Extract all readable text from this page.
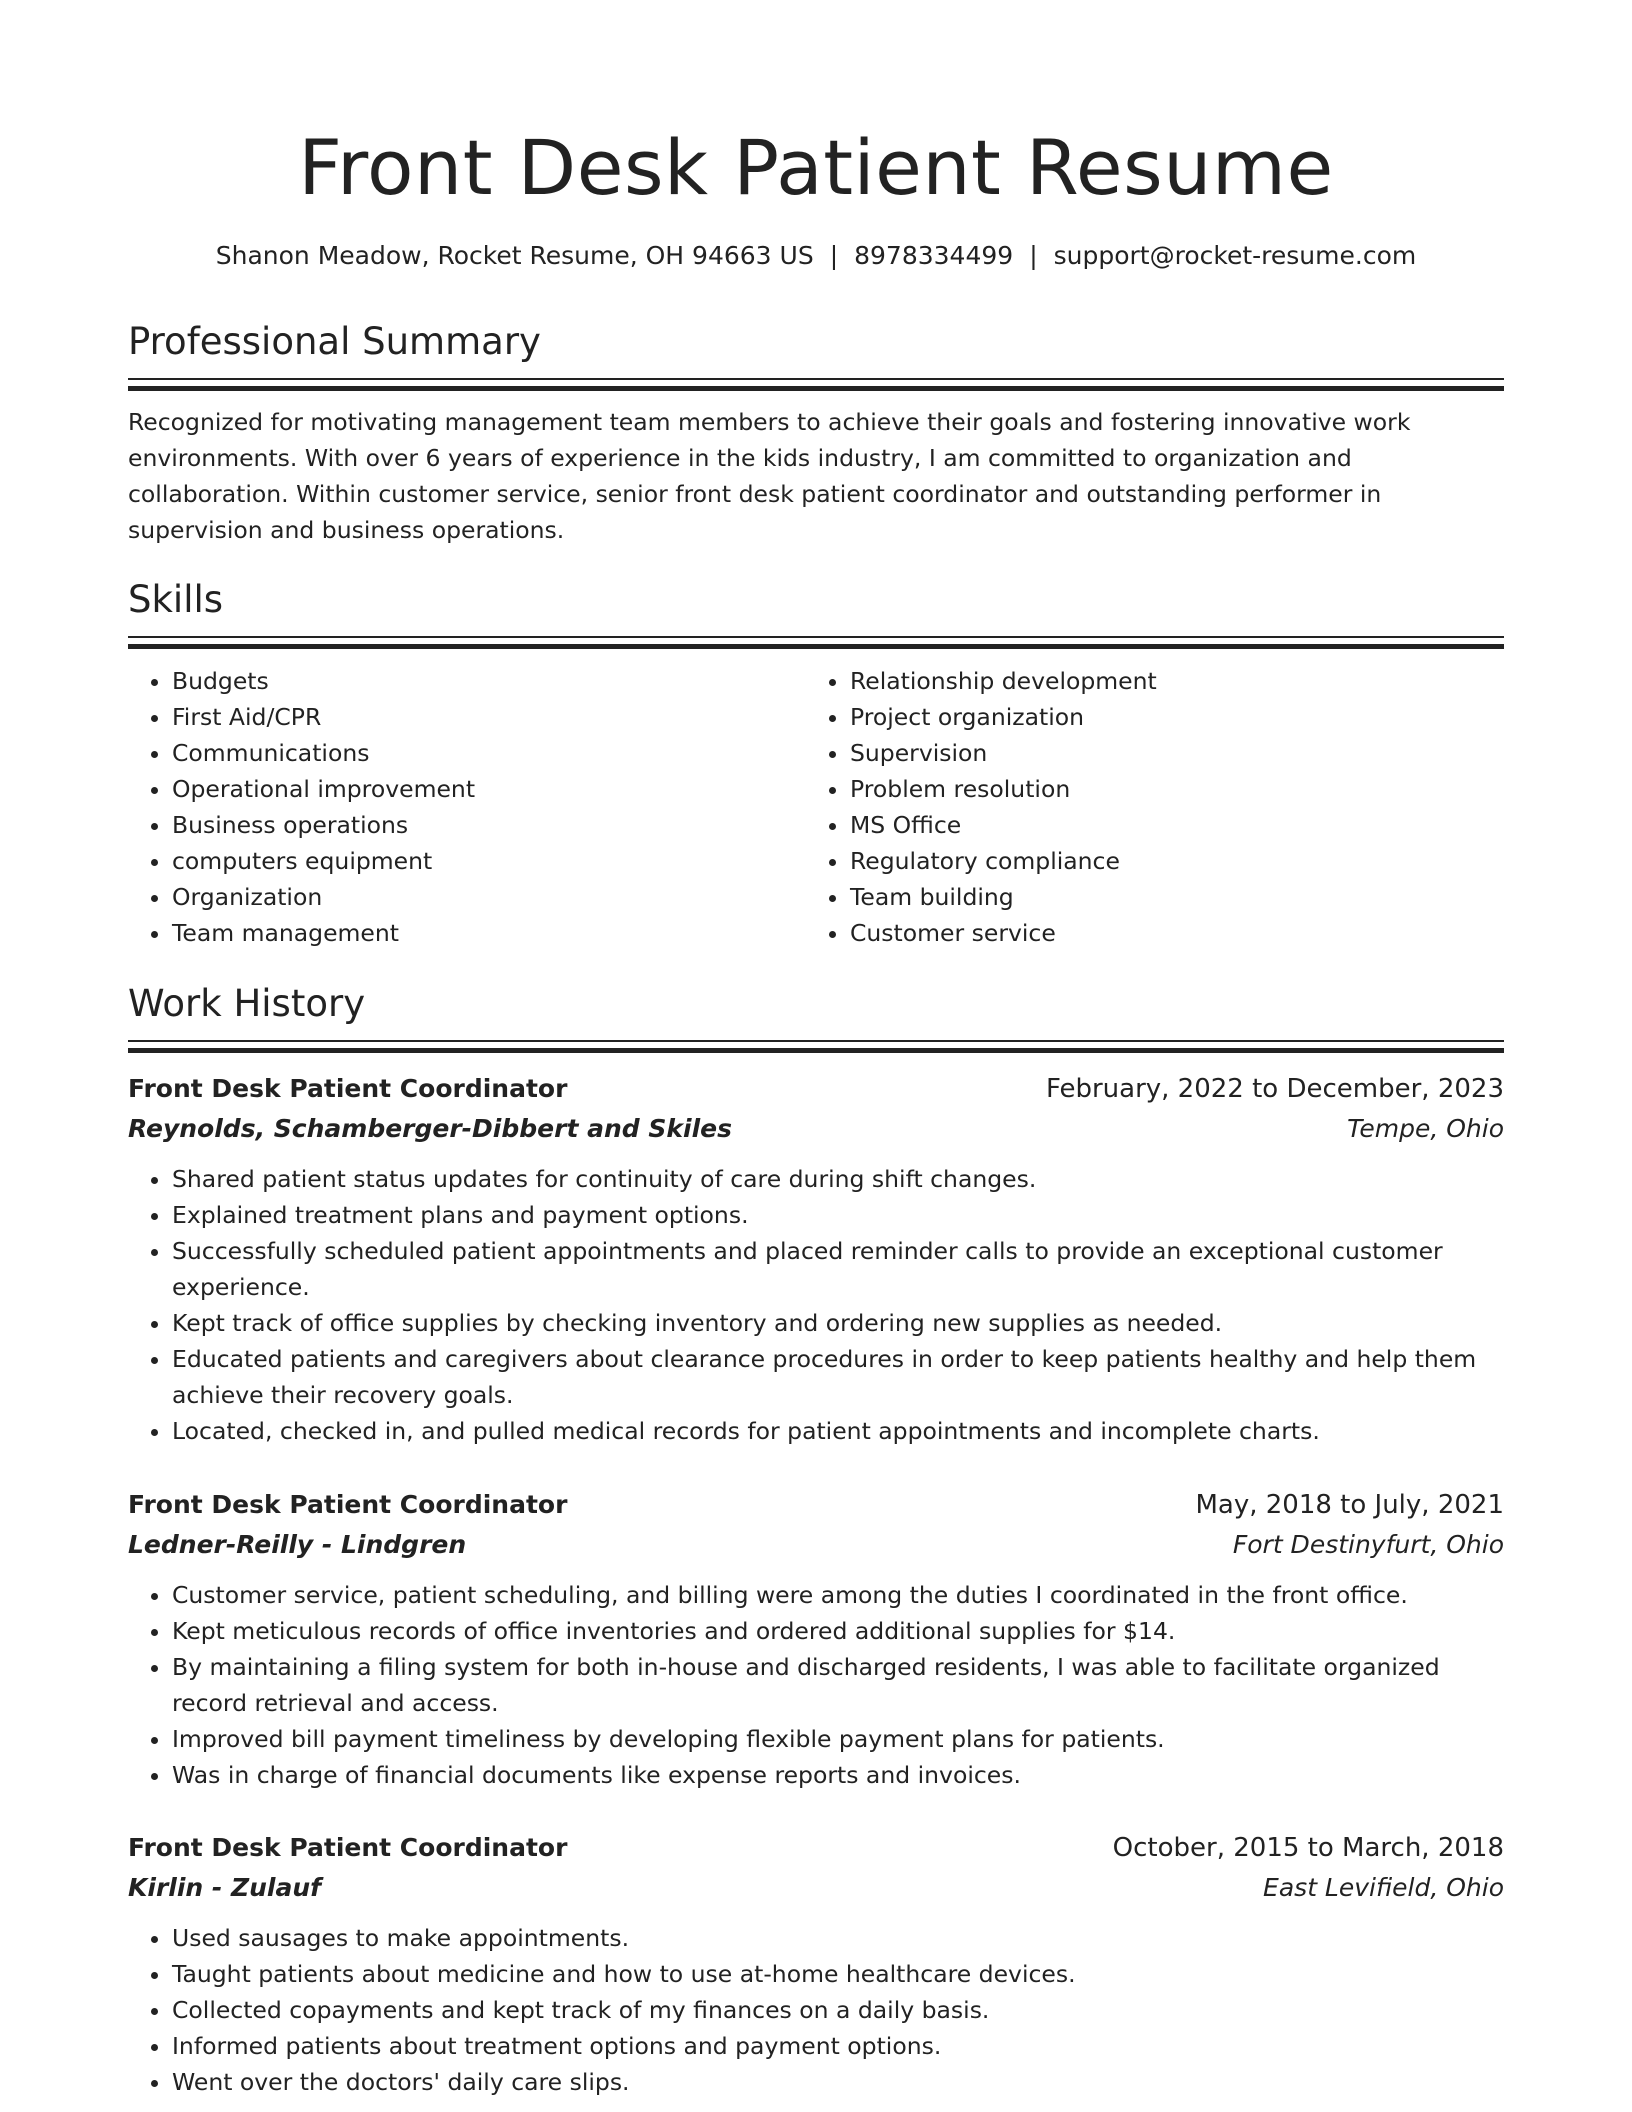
Front Desk Patient Resume
Shanon Meadow, Rocket Resume, OH 94663 US | 8978334499 | support@rocket-resume.com
Professional Summary

Recognized for motivating management team members to achieve their goals and fostering innovative work environments. With over 6 years of experience in the kids industry, I am committed to organization and collaboration. Within customer service, senior front desk patient coordinator and outstanding performer in supervision and business operations.

Skills
• Budgets
• First Aid/CPR
• Communications
• Operational improvement
• Business operations
• computers equipment
• Organization
• Team management
• Relationship development
• Project organization
• Supervision
• Problem resolution
• MS Office
• Regulatory compliance
• Team building
• Customer service
Work History
Front Desk Patient Coordinator	February, 2022 to December, 2023
Reynolds, Schamberger-Dibbert and Skiles	Tempe, Ohio
• Shared patient status updates for continuity of care during shift changes.
• Explained treatment plans and payment options.
• Successfully scheduled patient appointments and placed reminder calls to provide an exceptional customer experience.
• Kept track of office supplies by checking inventory and ordering new supplies as needed.
• Educated patients and caregivers about clearance procedures in order to keep patients healthy and help them achieve their recovery goals.
• Located, checked in, and pulled medical records for patient appointments and incomplete charts.
Front Desk Patient Coordinator	May, 2018 to July, 2021
Ledner-Reilly - Lindgren	Fort Destinyfurt, Ohio
• Customer service, patient scheduling, and billing were among the duties I coordinated in the front office.
• Kept meticulous records of office inventories and ordered additional supplies for $14.
• By maintaining a filing system for both in-house and discharged residents, I was able to facilitate organized record retrieval and access.
• Improved bill payment timeliness by developing flexible payment plans for patients.
• Was in charge of financial documents like expense reports and invoices.
Front Desk Patient Coordinator	October, 2015 to March, 2018
Kirlin - Zulauf	East Levifield, Ohio
• Used sausages to make appointments.
• Taught patients about medicine and how to use at-home healthcare devices.
• Collected copayments and kept track of my finances on a daily basis.
• Informed patients about treatment options and payment options.
• Went over the doctors' daily care slips.
